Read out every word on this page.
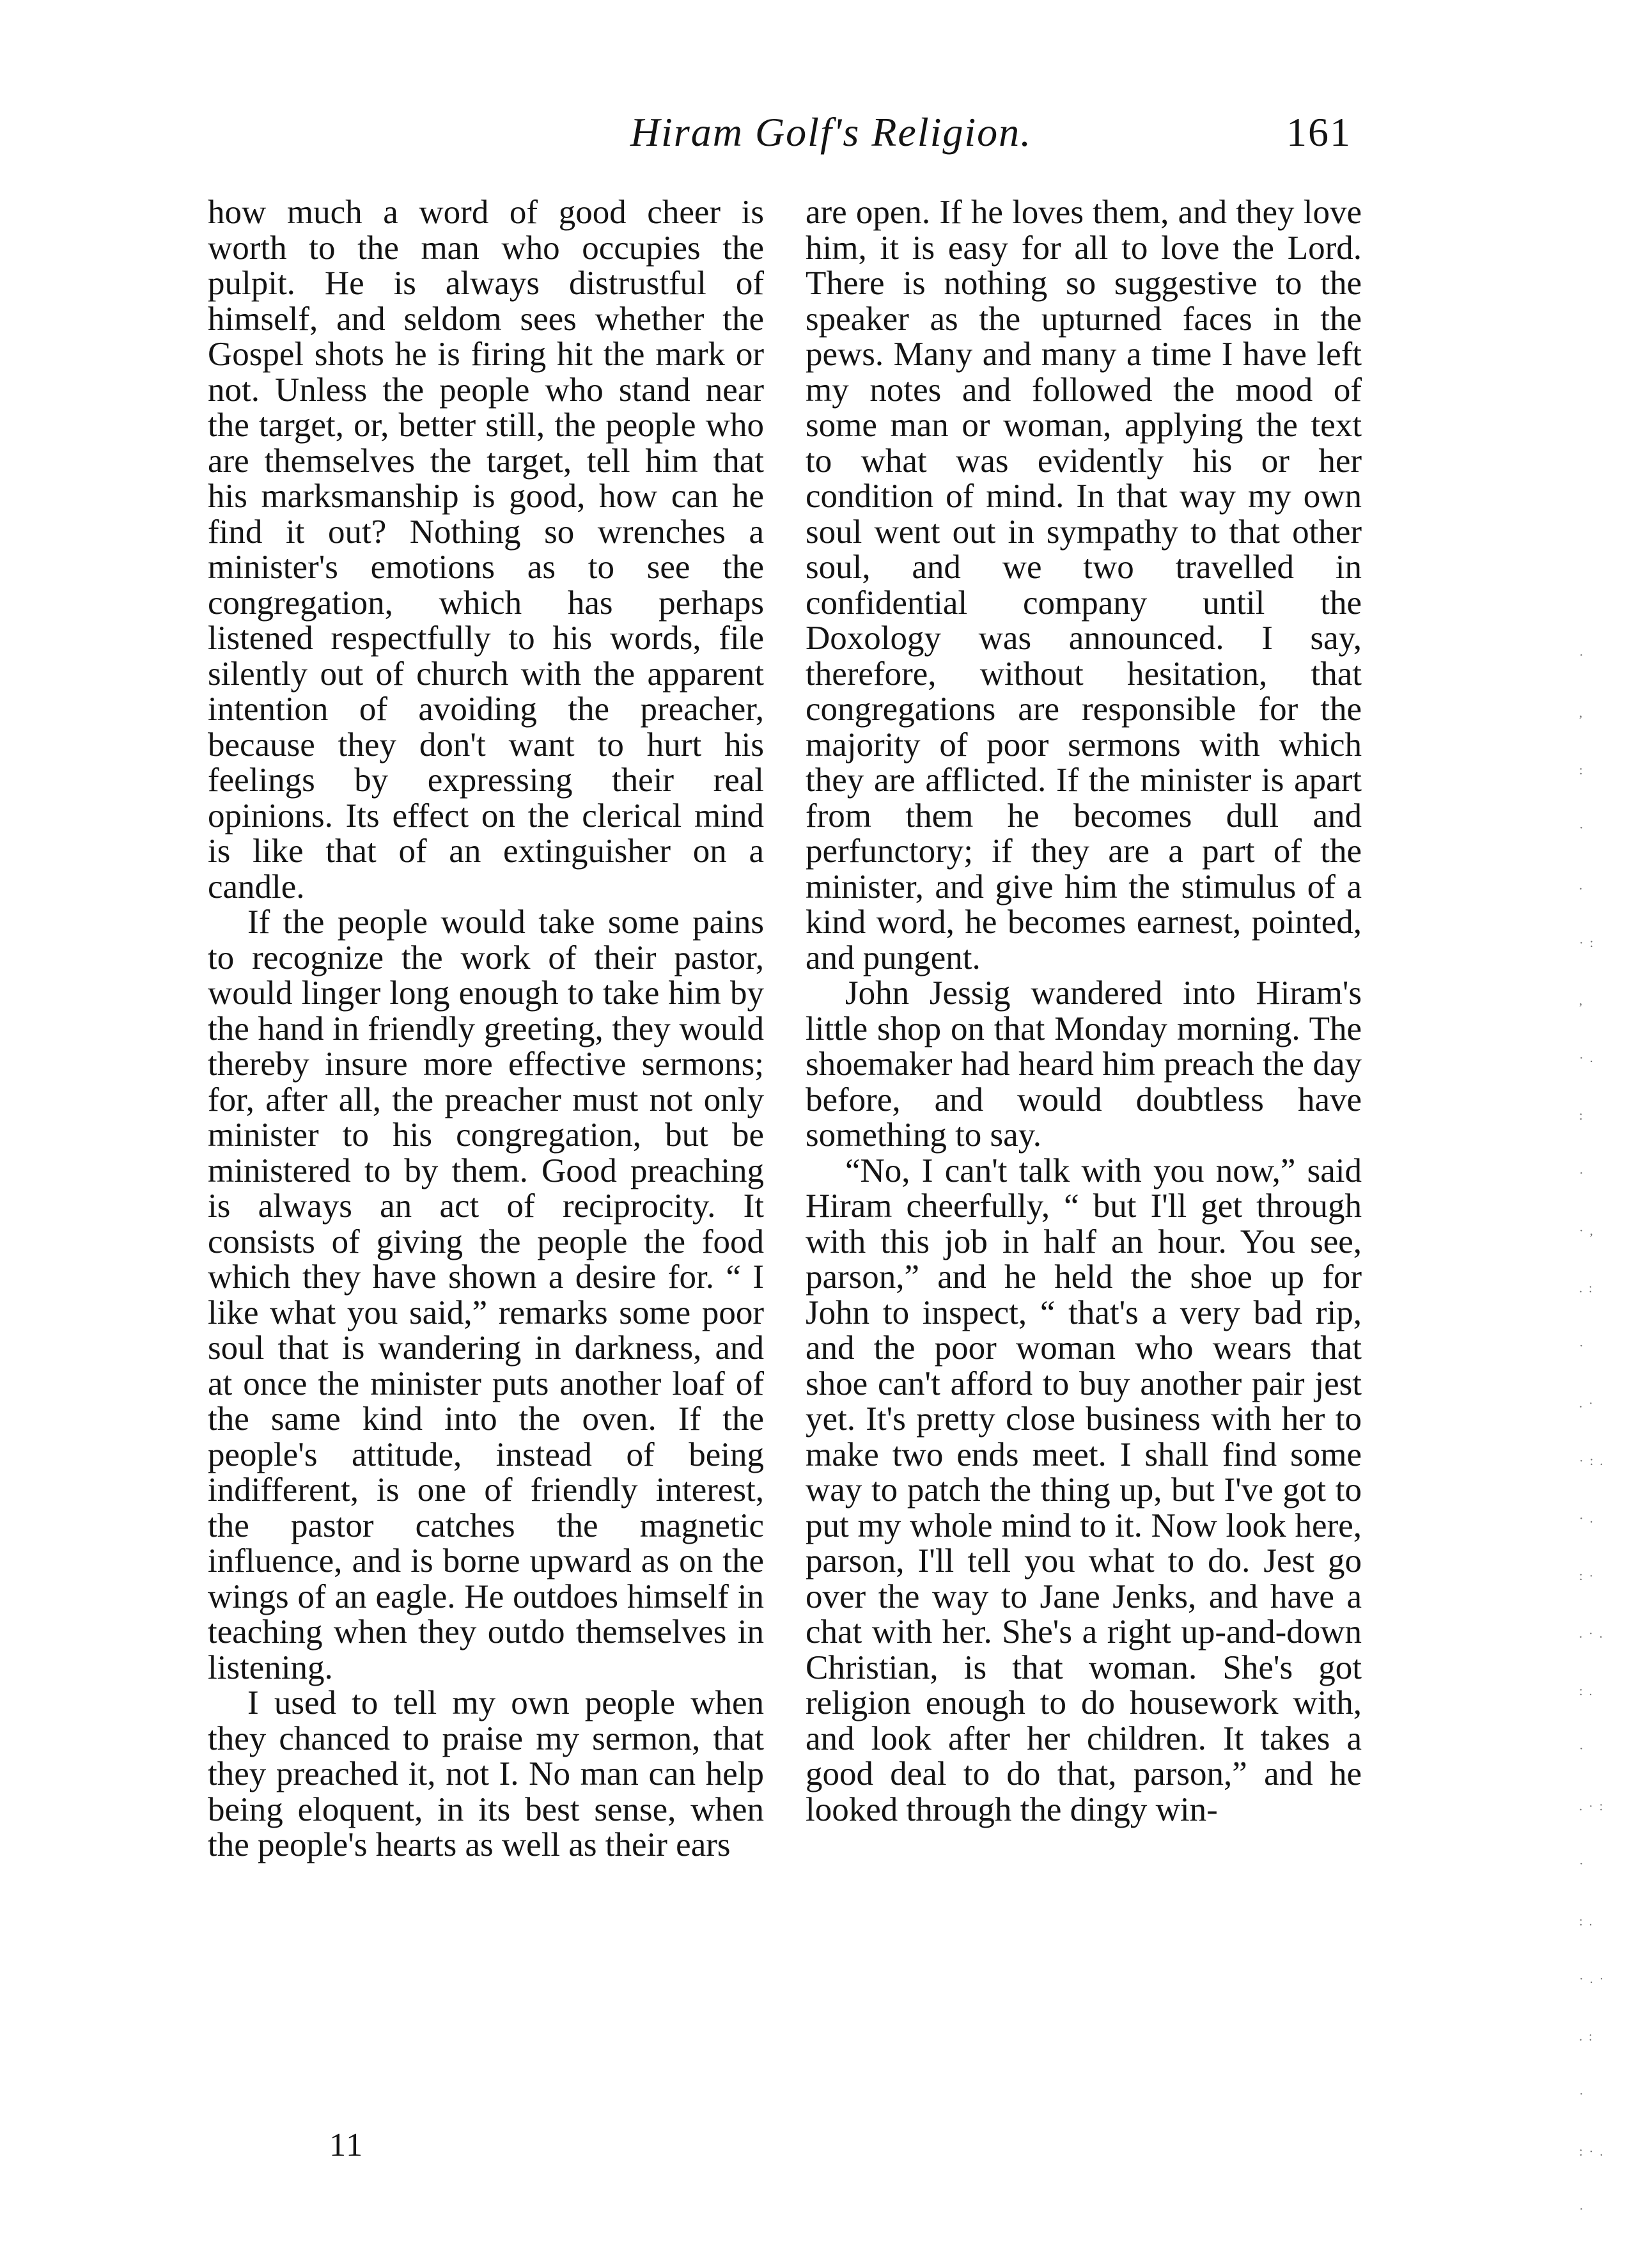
Hiram Golf's Religion.	161

how much a word of good cheer is worth to the man who occupies the pulpit. He is always distrustful of himself, and seldom sees whether the Gospel shots he is firing hit the mark or not. Unless the people who stand near the target, or, better still, the people who are themselves the target, tell him that his marksmanship is good, how can he find it out? Nothing so wrenches a minister's emotions as to see the congregation, which has perhaps listened respectfully to his words, file silently out of church with the apparent intention of avoiding the preacher, because they don't want to hurt his feelings by expressing their real opinions. Its effect on the clerical mind is like that of an extinguisher on a candle.

If the people would take some pains to recognize the work of their pastor, would linger long enough to take him by the hand in friendly greeting, they would thereby insure more effective sermons; for, after all, the preacher must not only minister to his congregation, but be ministered to by them. Good preaching is always an act of reciprocity. It consists of giving the people the food which they have shown a desire for. “ I like what you said,” remarks some poor soul that is wandering in darkness, and at once the minister puts another loaf of the same kind into the oven. If the people's attitude, instead of being indifferent, is one of friendly interest, the pastor catches the magnetic influence, and is borne upward as on the wings of an eagle. He outdoes himself in teaching when they outdo themselves in listening.

I used to tell my own people when they chanced to praise my sermon, that they preached it, not I. No man can help being eloquent, in its best sense, when the people's hearts as well as their ears

are open. If he loves them, and they love him, it is easy for all to love the Lord. There is nothing so suggestive to the speaker as the upturned faces in the pews. Many and many a time I have left my notes and followed the mood of some man or woman, applying the text to what was evidently his or her condition of mind. In that way my own soul went out in sympathy to that other soul, and we two travelled in confidential company until the Doxology was announced. I say, therefore, without hesitation, that congregations are responsible for the majority of poor sermons with which they are afflicted. If the minister is apart from them he becomes dull and perfunctory; if they are a part of the minister, and give him the stimulus of a kind word, he becomes earnest, pointed, and pungent.

John Jessig wandered into Hiram's little shop on that Monday morning. The shoemaker had heard him preach the day before, and would doubtless have something to say.

“No, I can't talk with you now,” said Hiram cheerfully, “ but I'll get through with this job in half an hour. You see, parson,” and he held the shoe up for John to inspect, “ that's a very bad rip, and the poor woman who wears that shoe can't afford to buy another pair jest yet. It's pretty close business with her to make two ends meet. I shall find some way to patch the thing up, but I've got to put my whole mind to it. Now look here, parson, I'll tell you what to do. Jest go over the way to Jane Jenks, and have a chat with her. She's a right up-and-down Christian, is that woman. She's got religion enough to do housework with, and look after her children. It takes a good deal to do that, parson,” and he looked through the dingy win-

11
·
,
:
·
.
·:
,
·.
:
·
·,
.:
·
.·
·:.
·.
:·
.·.
:.
·
.·:
·
:.
·.·
.:
·
:·.
·
